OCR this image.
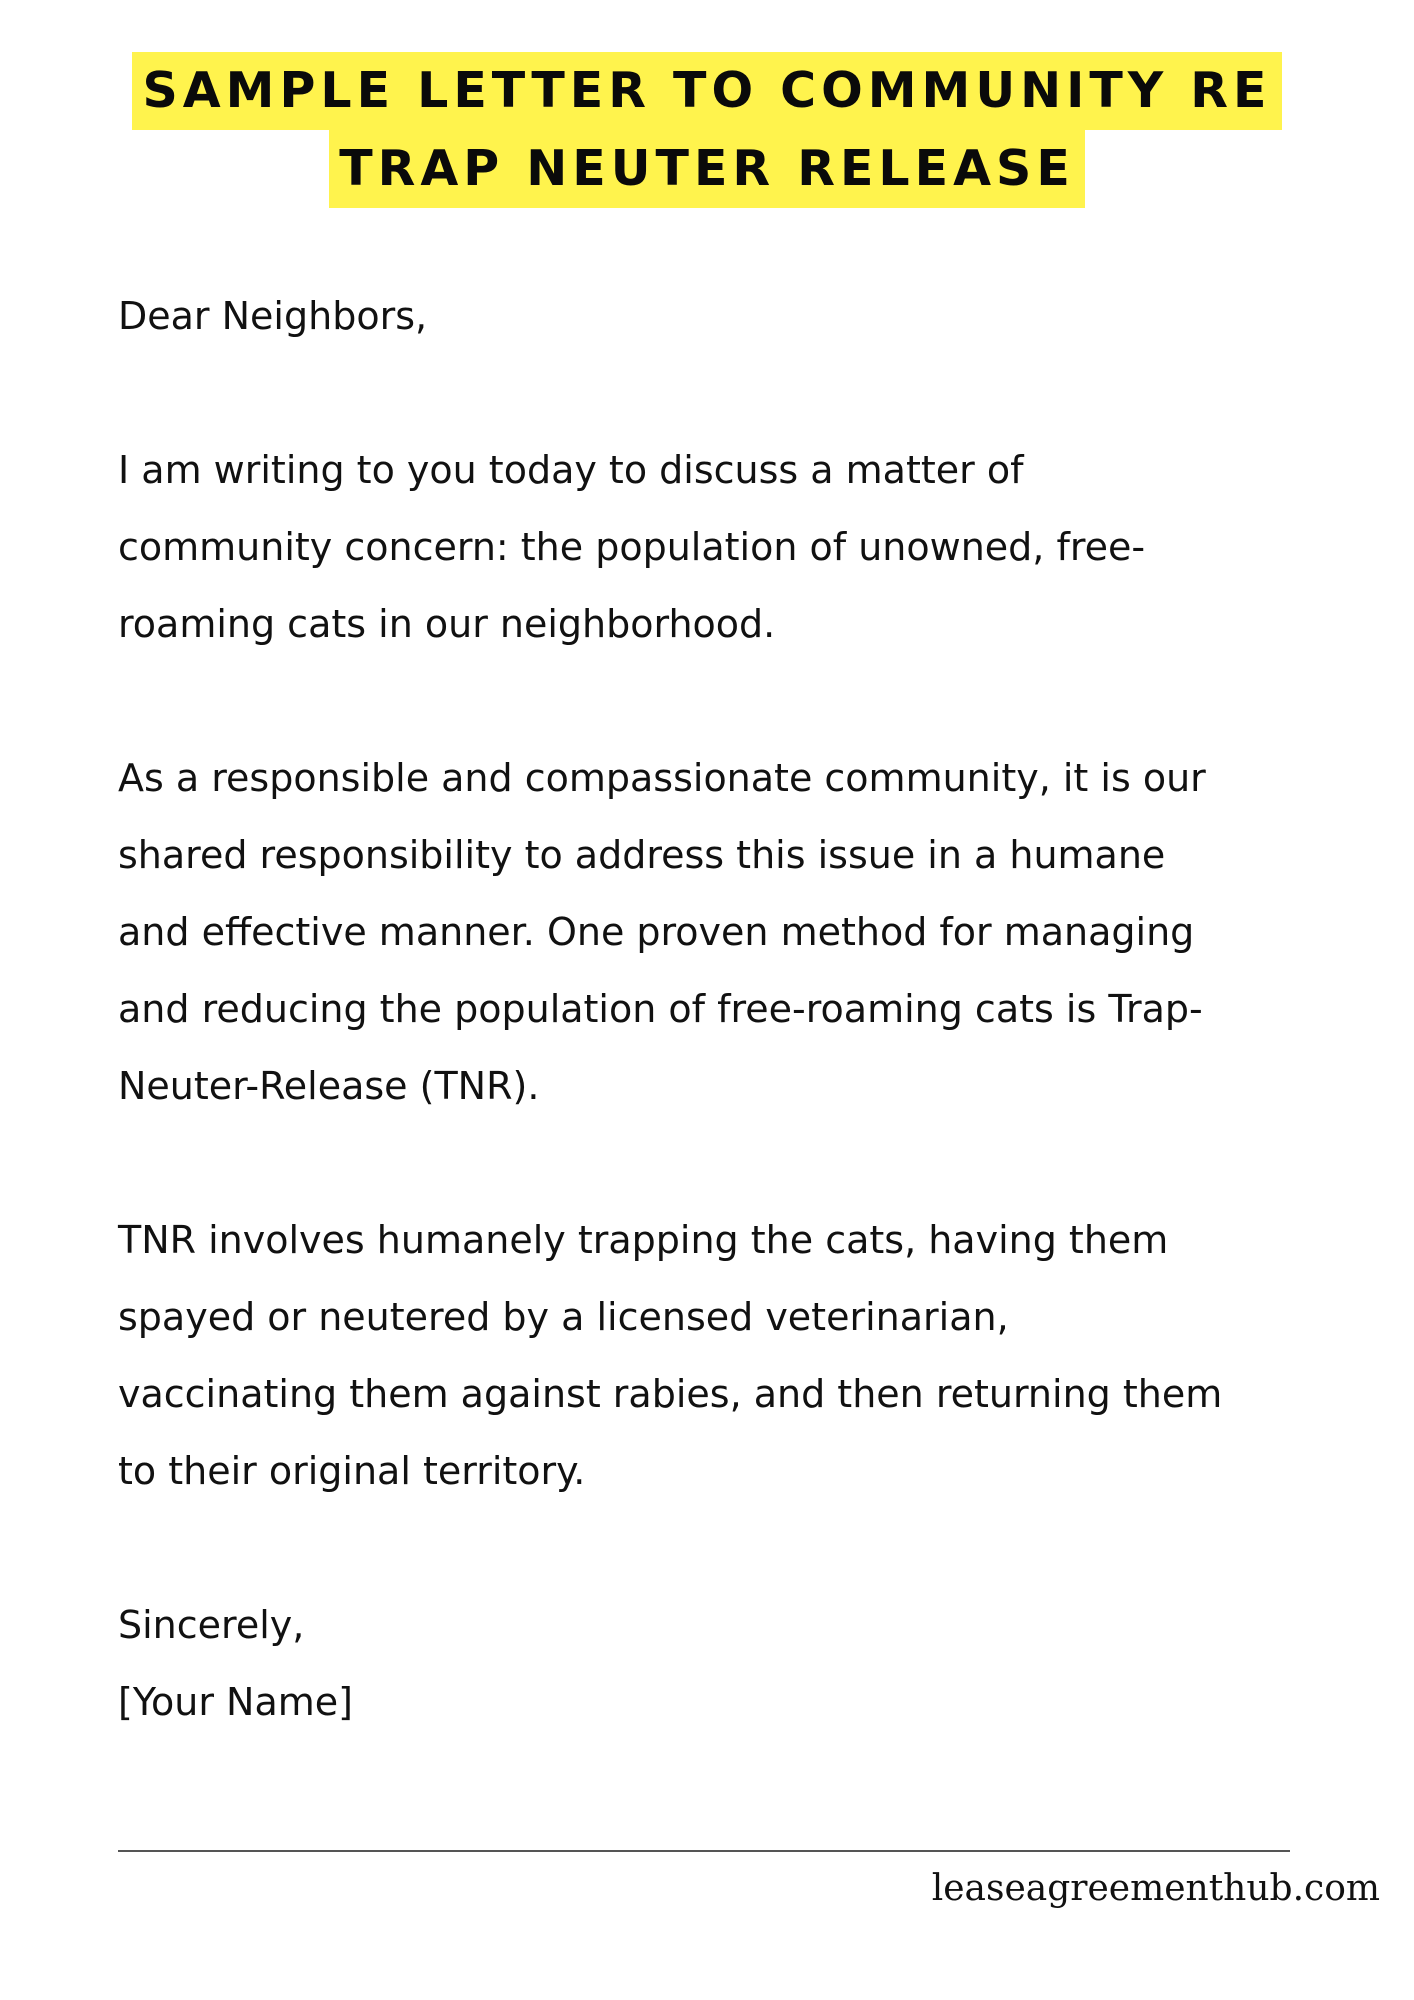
SAMPLE LETTER TO COMMUNITY RE
TRAP NEUTER RELEASE

Dear Neighbors,

I am writing to you today to discuss a matter of

community concern: the population of unowned, free-

roaming cats in our neighborhood.

As a responsible and compassionate community, it is our

shared responsibility to address this issue in a humane

and effective manner. One proven method for managing

and reducing the population of free-roaming cats is Trap-

Neuter-Release (TNR).

TNR involves humanely trapping the cats, having them

spayed or neutered by a licensed veterinarian,

vaccinating them against rabies, and then returning them

to their original territory.

Sincerely,

[Your Name]

leaseagreementhub.com
